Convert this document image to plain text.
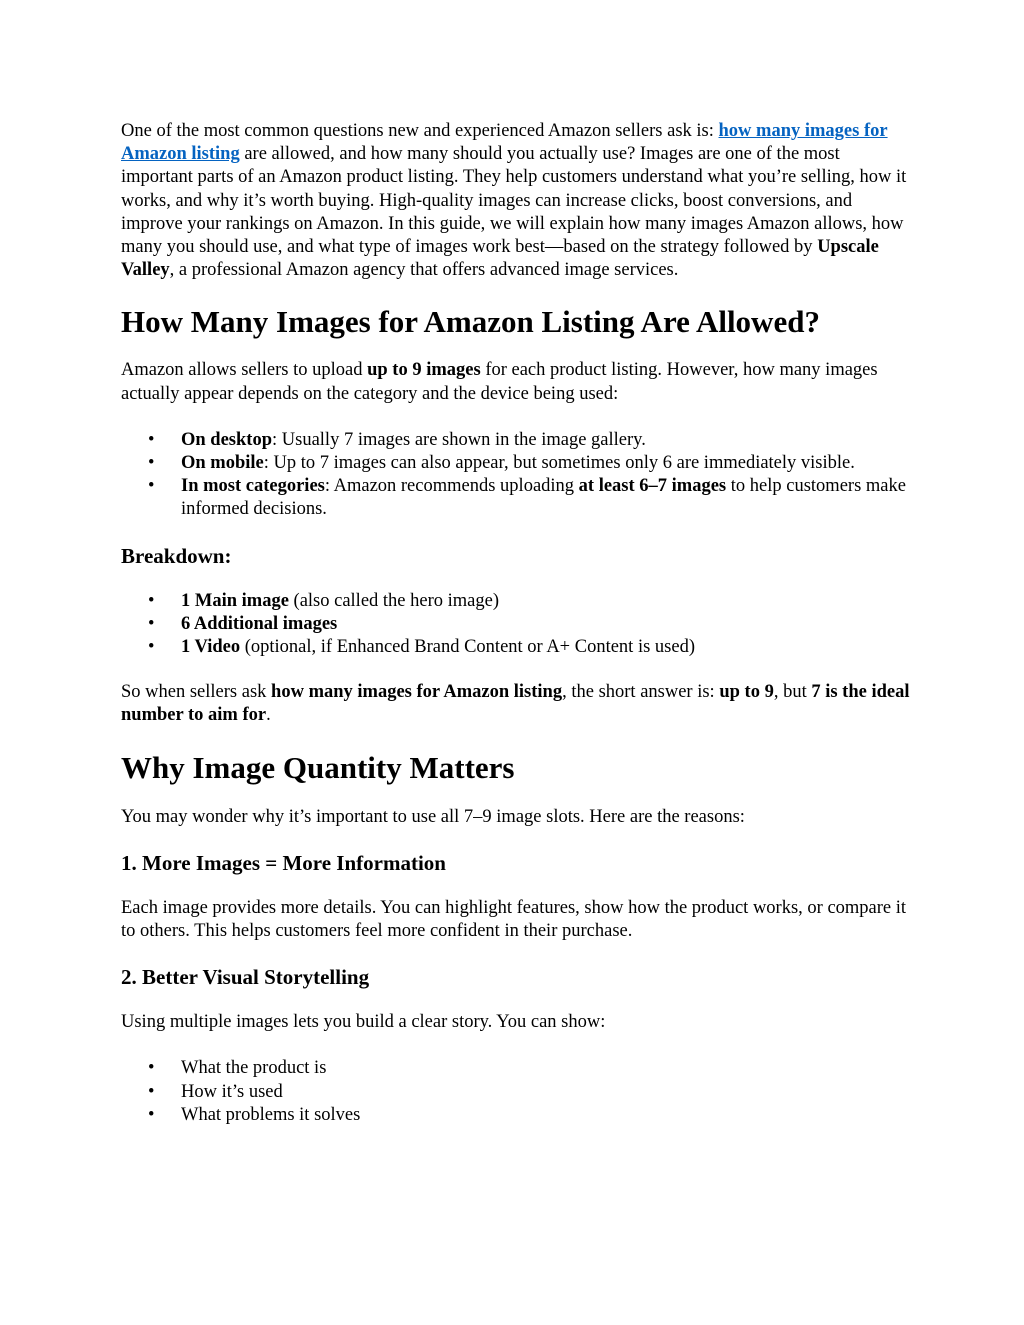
One of the most common questions new and experienced Amazon sellers ask is: how many images for Amazon listing are allowed, and how many should you actually use? Images are one of the most important parts of an Amazon product listing. They help customers understand what you’re selling, how it works, and why it’s worth buying. High-quality images can increase clicks, boost conversions, and improve your rankings on Amazon. In this guide, we will explain how many images Amazon allows, how many you should use, and what type of images work best—based on the strategy followed by Upscale Valley, a professional Amazon agency that offers advanced image services.

How Many Images for Amazon Listing Are Allowed?

Amazon allows sellers to upload up to 9 images for each product listing. However, how many images actually appear depends on the category and the device being used:

• On desktop: Usually 7 images are shown in the image gallery.
• On mobile: Up to 7 images can also appear, but sometimes only 6 are immediately visible.
• In most categories: Amazon recommends uploading at least 6–7 images to help customers make informed decisions.
Breakdown:
• 1 Main image (also called the hero image)
• 6 Additional images
• 1 Video (optional, if Enhanced Brand Content or A+ Content is used)

So when sellers ask how many images for Amazon listing, the short answer is: up to 9, but 7 is the ideal number to aim for.

Why Image Quantity Matters

You may wonder why it’s important to use all 7–9 image slots. Here are the reasons:

1. More Images = More Information

Each image provides more details. You can highlight features, show how the product works, or compare it to others. This helps customers feel more confident in their purchase.

2. Better Visual Storytelling

Using multiple images lets you build a clear story. You can show:

• What the product is
• How it’s used
• What problems it solves
